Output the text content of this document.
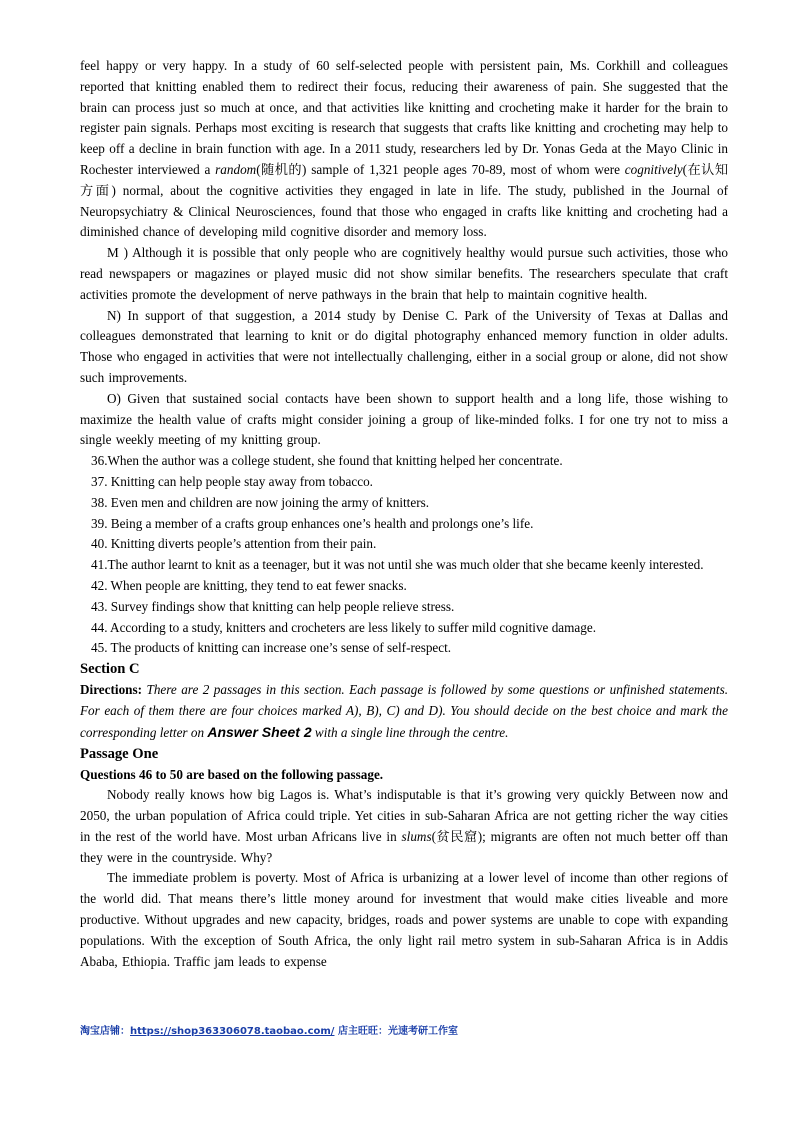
feel happy or very happy. In a study of 60 self-selected people with persistent pain, Ms. Corkhill and colleagues reported that knitting enabled them to redirect their focus, reducing their awareness of pain. She suggested that the brain can process just so much at once, and that activities like knitting and crocheting make it harder for the brain to register pain signals. Perhaps most exciting is research that suggests that crafts like knitting and crocheting may help to keep off a decline in brain function with age. In a 2011 study, researchers led by Dr. Yonas Geda at the Mayo Clinic in Rochester interviewed a random(随机的) sample of 1,321 people ages 70-89, most of whom were cognitively(在认知方面) normal, about the cognitive activities they engaged in late in life. The study, published in the Journal of Neuropsychiatry & Clinical Neurosciences, found that those who engaged in crafts like knitting and crocheting had a diminished chance of developing mild cognitive disorder and memory loss.

M ) Although it is possible that only people who are cognitively healthy would pursue such activities, those who read newspapers or magazines or played music did not show similar benefits. The researchers speculate that craft activities promote the development of nerve pathways in the brain that help to maintain cognitive health.

N) In support of that suggestion, a 2014 study by Denise C. Park of the University of Texas at Dallas and colleagues demonstrated that learning to knit or do digital photography enhanced memory function in older adults. Those who engaged in activities that were not intellectually challenging, either in a social group or alone, did not show such improvements.

O) Given that sustained social contacts have been shown to support health and a long life, those wishing to maximize the health value of crafts might consider joining a group of like-minded folks. I for one try not to miss a single weekly meeting of my knitting group.

36.When the author was a college student, she found that knitting helped her concentrate.

37. Knitting can help people stay away from tobacco.

38. Even men and children are now joining the army of knitters.

39. Being a member of a crafts group enhances one’s health and prolongs one’s life.

40. Knitting diverts people’s attention from their pain.

41.The author learnt to knit as a teenager, but it was not until she was much older that she became keenly interested.

42. When people are knitting, they tend to eat fewer snacks.

43. Survey findings show that knitting can help people relieve stress.

44. According to a study, knitters and crocheters are less likely to suffer mild cognitive damage.

45. The products of knitting can increase one’s sense of self-respect.

Section C

Directions: There are 2 passages in this section. Each passage is followed by some questions or unfinished statements. For each of them there are four choices marked A), B), C) and D). You should decide on the best choice and mark the corresponding letter on Answer Sheet 2 with a single line through the centre.

Passage One

Questions 46 to 50 are based on the following passage.

Nobody really knows how big Lagos is. What’s indisputable is that it’s growing very quickly Between now and 2050, the urban population of Africa could triple. Yet cities in sub-Saharan Africa are not getting richer the way cities in the rest of the world have. Most urban Africans live in slums(贫民窟); migrants are often not much better off than they were in the countryside. Why?

The immediate problem is poverty. Most of Africa is urbanizing at a lower level of income than other regions of the world did. That means there’s little money around for investment that would make cities liveable and more productive. Without upgrades and new capacity, bridges, roads and power systems are unable to cope with expanding populations. With the exception of South Africa, the only light rail metro system in sub-Saharan Africa is in Addis Ababa, Ethiopia. Traffic jam leads to expense

淘宝店铺：https://shop363306078.taobao.com/ 店主旺旺：光速考研工作室
